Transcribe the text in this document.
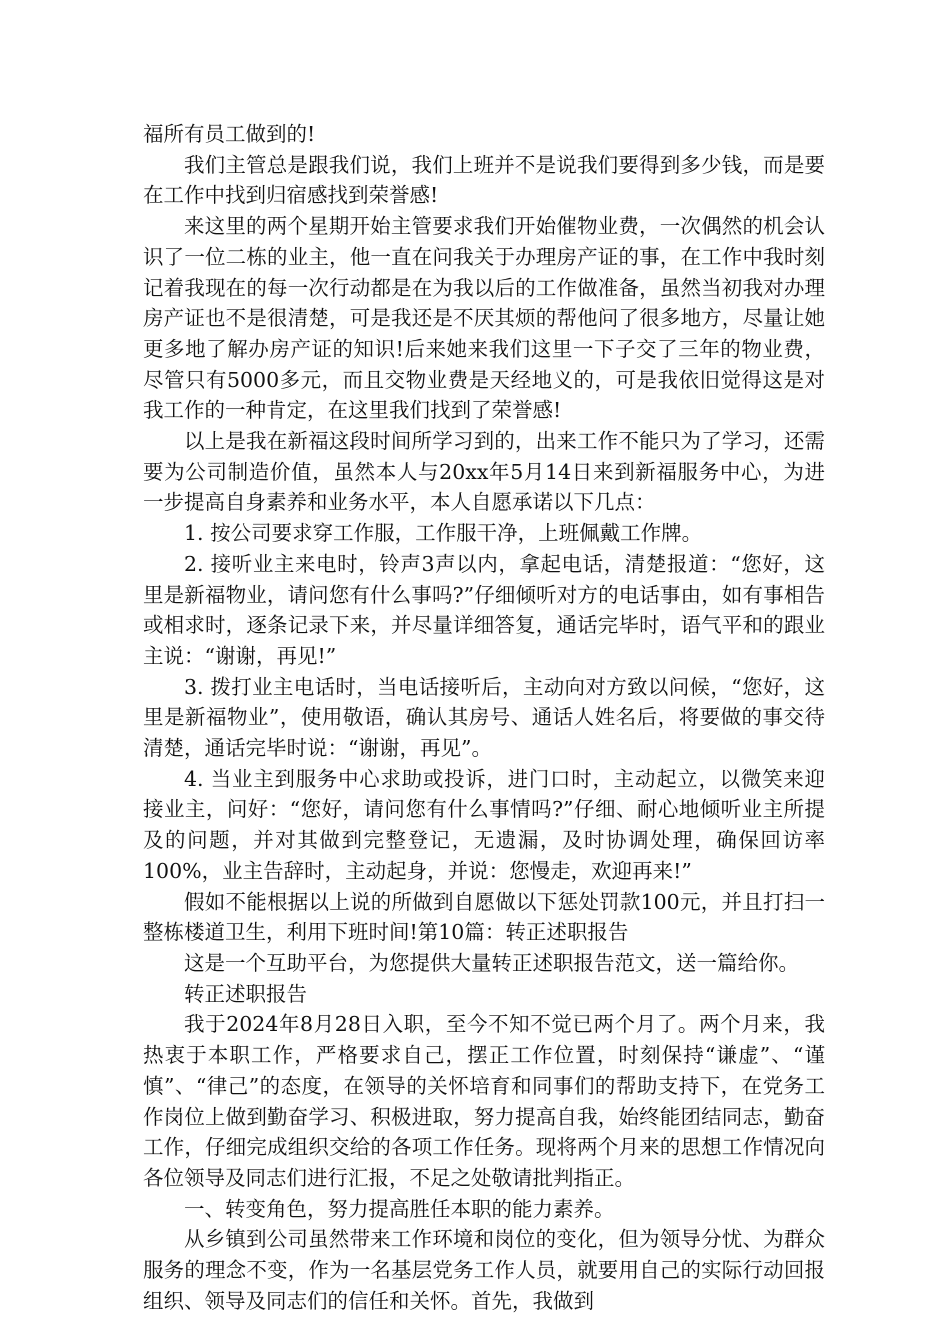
福所有员工做到的!

我们主管总是跟我们说，我们上班并不是说我们要得到多少钱，而是要在工作中找到归宿感找到荣誉感!

来这里的两个星期开始主管要求我们开始催物业费，一次偶然的机会认识了一位二栋的业主，他一直在问我关于办理房产证的事，在工作中我时刻记着我现在的每一次行动都是在为我以后的工作做准备，虽然当初我对办理房产证也不是很清楚，可是我还是不厌其烦的帮他问了很多地方，尽量让她更多地了解办房产证的知识!后来她来我们这里一下子交了三年的物业费，尽管只有5000多元，而且交物业费是天经地义的，可是我依旧觉得这是对我工作的一种肯定，在这里我们找到了荣誉感!

以上是我在新福这段时间所学习到的，出来工作不能只为了学习，还需要为公司制造价值，虽然本人与20xx年5月14日来到新福服务中心，为进一步提高自身素养和业务水平，本人自愿承诺以下几点：

1. 按公司要求穿工作服，工作服干净，上班佩戴工作牌。

2. 接听业主来电时，铃声3声以内，拿起电话，清楚报道：“您好，这里是新福物业，请问您有什么事吗?”仔细倾听对方的电话事由，如有事相告或相求时，逐条记录下来，并尽量详细答复，通话完毕时，语气平和的跟业主说：“谢谢，再见!”

3. 拨打业主电话时，当电话接听后，主动向对方致以问候，“您好，这里是新福物业”，使用敬语，确认其房号、通话人姓名后，将要做的事交待清楚，通话完毕时说：“谢谢，再见”。

4. 当业主到服务中心求助或投诉，进门口时，主动起立，以微笑来迎接业主，问好：“您好，请问您有什么事情吗?”仔细、耐心地倾听业主所提及的问题，并对其做到完整登记，无遗漏，及时协调处理，确保回访率100%，业主告辞时，主动起身，并说：您慢走，欢迎再来!”

假如不能根据以上说的所做到自愿做以下惩处罚款100元，并且打扫一整栋楼道卫生，利用下班时间!第10篇：转正述职报告

这是一个互助平台，为您提供大量转正述职报告范文，送一篇给你。

转正述职报告

我于2024年8月28日入职，至今不知不觉已两个月了。两个月来，我热衷于本职工作，严格要求自己，摆正工作位置，时刻保持“谦虚”、“谨慎”、“律己”的态度，在领导的关怀培育和同事们的帮助支持下，在党务工作岗位上做到勤奋学习、积极进取，努力提高自我，始终能团结同志，勤奋工作，仔细完成组织交给的各项工作任务。现将两个月来的思想工作情况向各位领导及同志们进行汇报，不足之处敬请批判指正。

一、转变角色，努力提高胜任本职的能力素养。

从乡镇到公司虽然带来工作环境和岗位的变化，但为领导分忧、为群众服务的理念不变，作为一名基层党务工作人员，就要用自己的实际行动回报组织、领导及同志们的信任和关怀。首先，我做到
